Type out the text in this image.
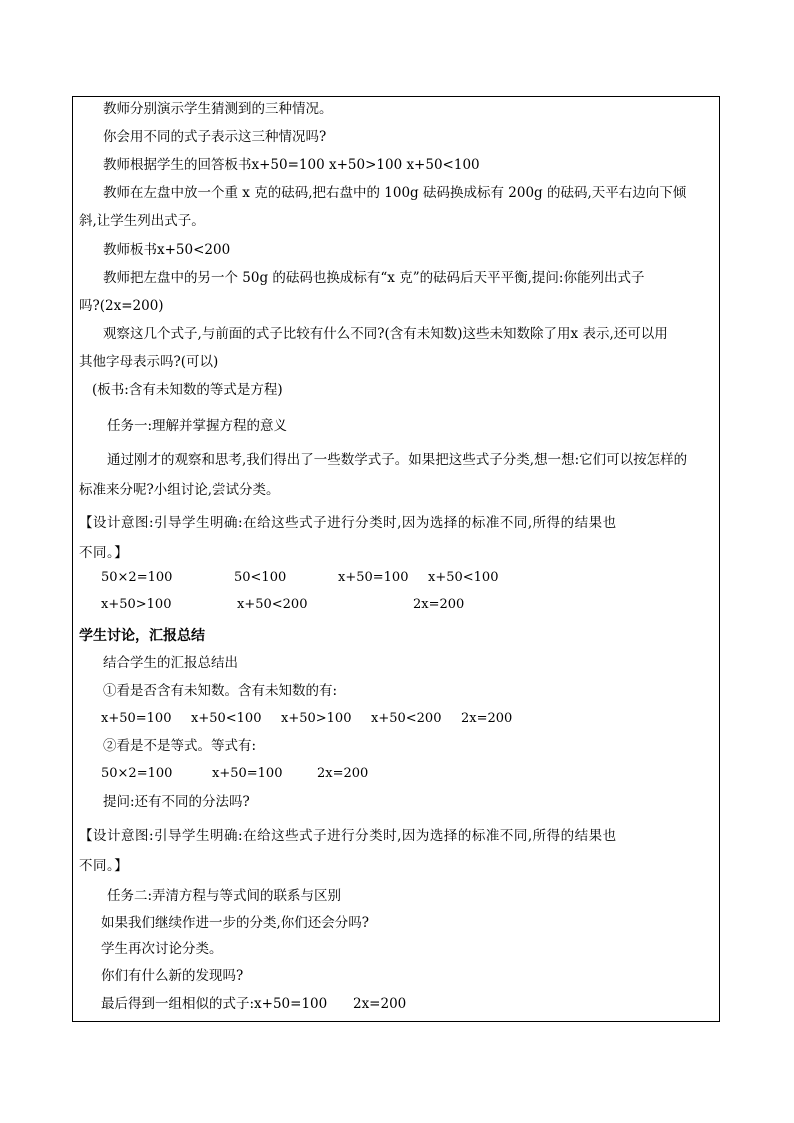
教师分别演示学生猜测到的三种情况。
你会用不同的式子表示这三种情况吗?
教师根据学生的回答板书x+50=100 x+50>100 x+50<100
教师在左盘中放一个重 x 克的砝码,把右盘中的 100g 砝码换成标有 200g 的砝码,天平右边向下倾
斜,让学生列出式子。
教师板书x+50<200
教师把左盘中的另一个 50g 的砝码也换成标有“x 克”的砝码后天平平衡,提问:你能列出式子
吗?(2x=200)
观察这几个式子,与前面的式子比较有什么不同?(含有未知数)这些未知数除了用x 表示,还可以用
其他字母表示吗?(可以)
(板书:含有未知数的等式是方程)
任务一:理解并掌握方程的意义
通过刚才的观察和思考,我们得出了一些数学式子。如果把这些式子分类,想一想:它们可以按怎样的
标准来分呢?小组讨论,尝试分类。
【设计意图:引导学生明确:在给这些式子进行分类时,因为选择的标准不同,所得的结果也
不同。】
50×2=100	50<100	x+50=100 x+50<100
x+50>100	x+50<200	2x=200
学生讨论，汇报总结
结合学生的汇报总结出
①看是否含有未知数。含有未知数的有:
x+50=100 x+50<100 x+50>100 x+50<200 2x=200
②看是不是等式。等式有:
50×2=100	x+50=100	2x=200
提问:还有不同的分法吗?
【设计意图:引导学生明确:在给这些式子进行分类时,因为选择的标准不同,所得的结果也
不同。】
任务二:弄清方程与等式间的联系与区别
如果我们继续作进一步的分类,你们还会分吗?
学生再次讨论分类。
你们有什么新的发现吗?
最后得到一组相似的式子:x+50=100      2x=200
